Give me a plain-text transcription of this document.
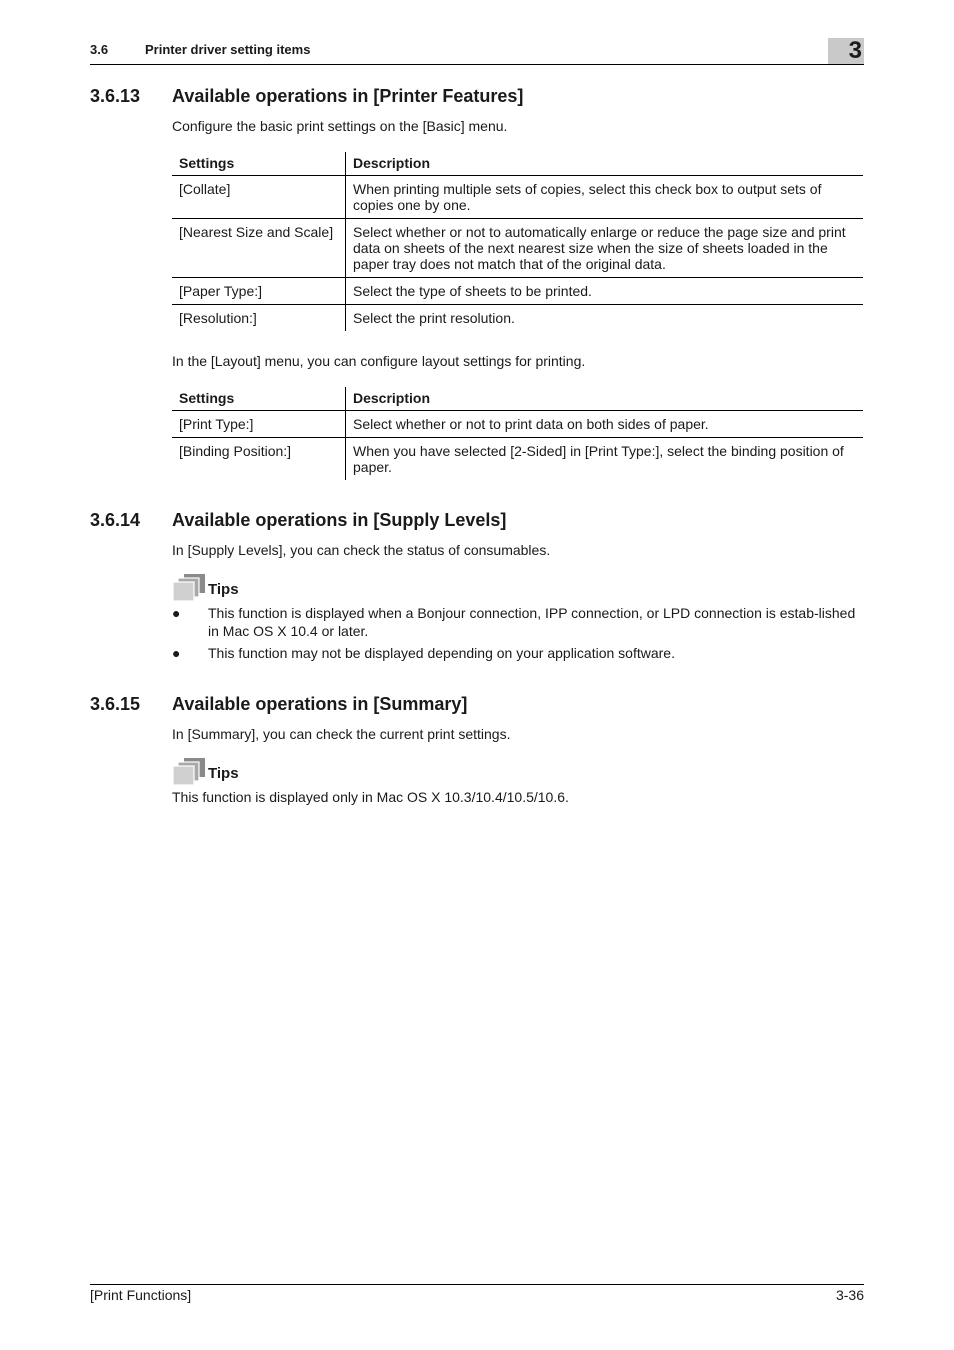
3.6	Printer driver setting items	3
3.6.13 Available operations in [Printer Features]
Configure the basic print settings on the [Basic] menu.
Settings	Description
[Collate]	When printing multiple sets of copies, select this check box to output sets of copies one by one.
[Nearest Size and Scale]	Select whether or not to automatically enlarge or reduce the page size and print data on sheets of the next nearest size when the size of sheets loaded in the paper tray does not match that of the original data.
[Paper Type:]	Select the type of sheets to be printed.
[Resolution:]	Select the print resolution.
In the [Layout] menu, you can configure layout settings for printing.
Settings	Description
[Print Type:]	Select whether or not to print data on both sides of paper.
[Binding Position:]	When you have selected [2-Sided] in [Print Type:], select the binding position of paper.
3.6.14 Available operations in [Supply Levels]
In [Supply Levels], you can check the status of consumables.
Tips
● This function is displayed when a Bonjour connection, IPP connection, or LPD connection is estab-lished in Mac OS X 10.4 or later.
● This function may not be displayed depending on your application software.
3.6.15 Available operations in [Summary]
In [Summary], you can check the current print settings.
Tips
This function is displayed only in Mac OS X 10.3/10.4/10.5/10.6.
[Print Functions]	3-36
